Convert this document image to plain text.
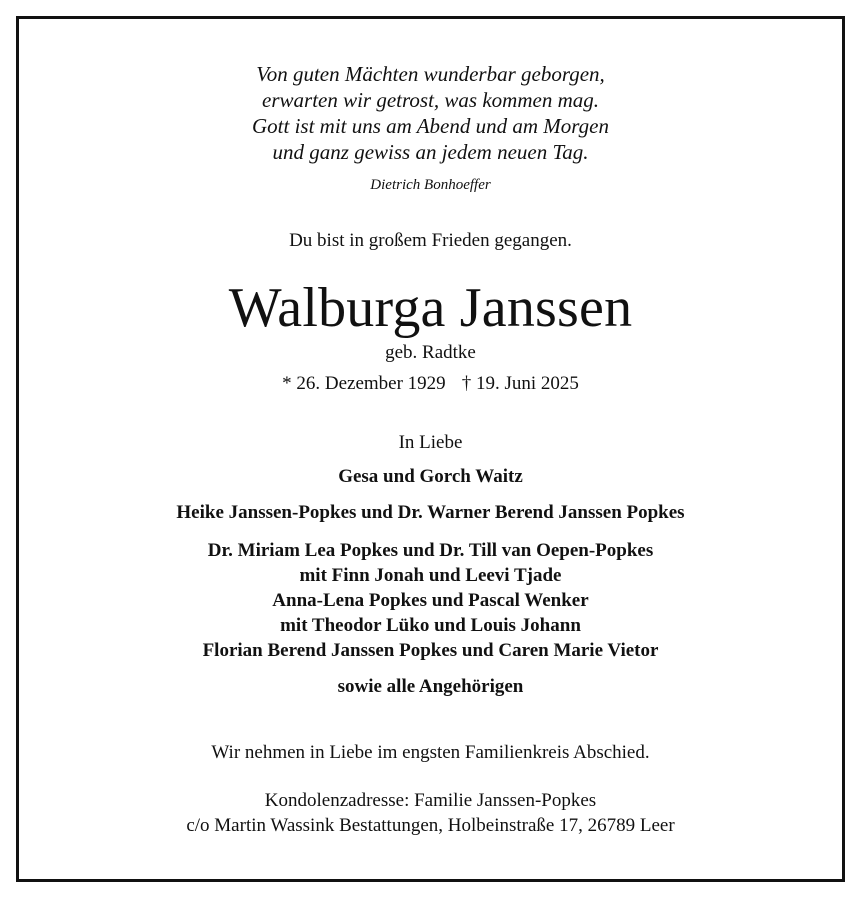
Von guten Mächten wunderbar geborgen,

erwarten wir getrost, was kommen mag.

Gott ist mit uns am Abend und am Morgen

und ganz gewiss an jedem neuen Tag.

Dietrich Bonhoeffer

Du bist in großem Frieden gegangen.

Walburga Janssen

geb. Radtke

* 26. Dezember 1929 † 19. Juni 2025

In Liebe

Gesa und Gorch Waitz

Heike Janssen-Popkes und Dr. Warner Berend Janssen Popkes

Dr. Miriam Lea Popkes und Dr. Till van Oepen-Popkes

mit Finn Jonah und Leevi Tjade

Anna-Lena Popkes und Pascal Wenker

mit Theodor Lüko und Louis Johann

Florian Berend Janssen Popkes und Caren Marie Vietor

sowie alle Angehörigen

Wir nehmen in Liebe im engsten Familienkreis Abschied.

Kondolenzadresse: Familie Janssen-Popkes

c/o Martin Wassink Bestattungen, Holbeinstraße 17, 26789 Leer
